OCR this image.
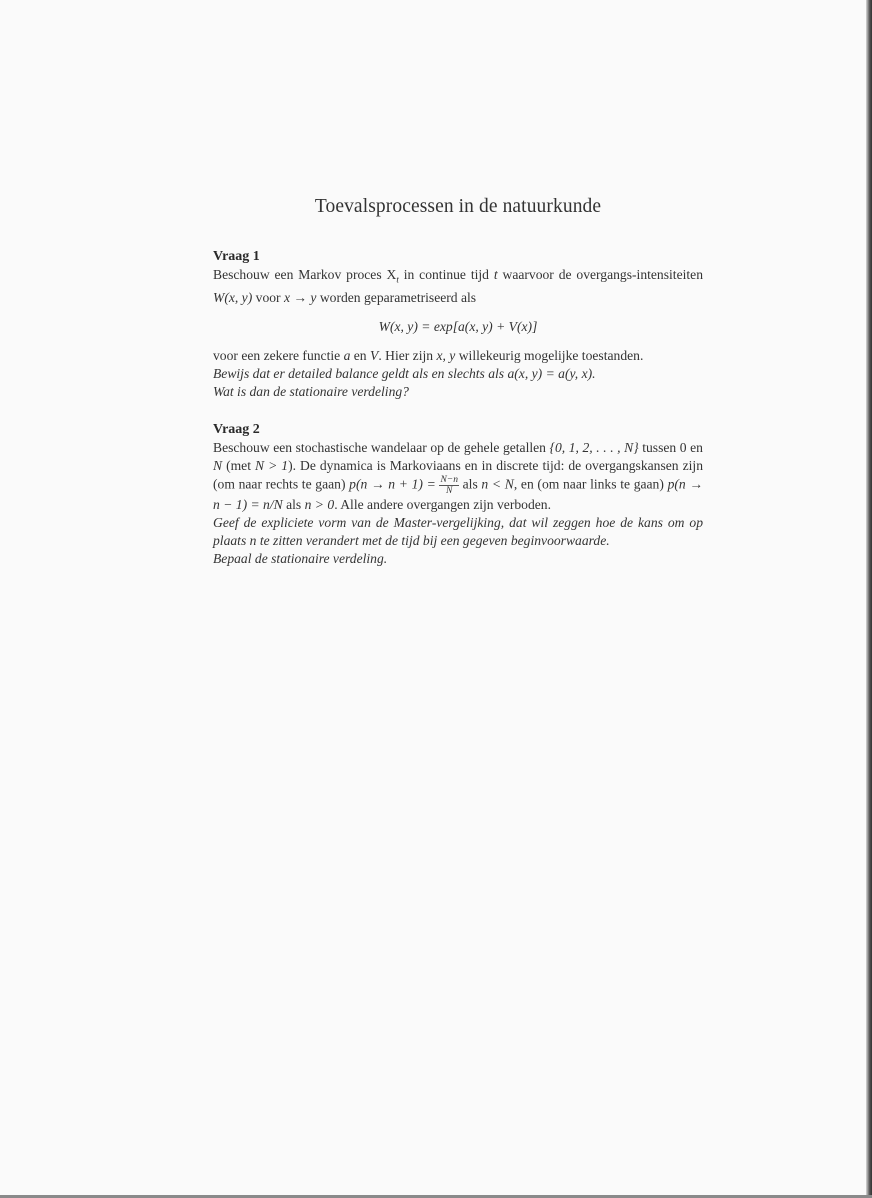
Toevalsprocessen in de natuurkunde

Vraag 1

Beschouw een Markov proces $X_t$ in continue tijd t waarvoor de overgangs-intensiteiten W(x, y) voor x → y worden geparametriseerd als

W(x, y) = exp[a(x, y) + V(x)]

voor een zekere functie a en V. Hier zijn x, y willekeurig mogelijke toestanden.

Bewijs dat er detailed balance geldt als en slechts als a(x, y) = a(y, x).

Wat is dan de stationaire verdeling?

Vraag 2

Beschouw een stochastische wandelaar op de gehele getallen {0, 1, 2, . . . , N} tussen 0 en N (met N > 1). De dynamica is Markoviaans en in discrete tijd: de overgangskansen zijn (om naar rechts te gaan) $p(n \to n + 1) = \frac{N-n}{N}$ als n < N, en (om naar links te gaan) p(n → n − 1) = n/N als n > 0. Alle andere overgangen zijn verboden.

Geef de expliciete vorm van de Master-vergelijking, dat wil zeggen hoe de kans om op plaats n te zitten verandert met de tijd bij een gegeven beginvoorwaarde.

Bepaal de stationaire verdeling.
